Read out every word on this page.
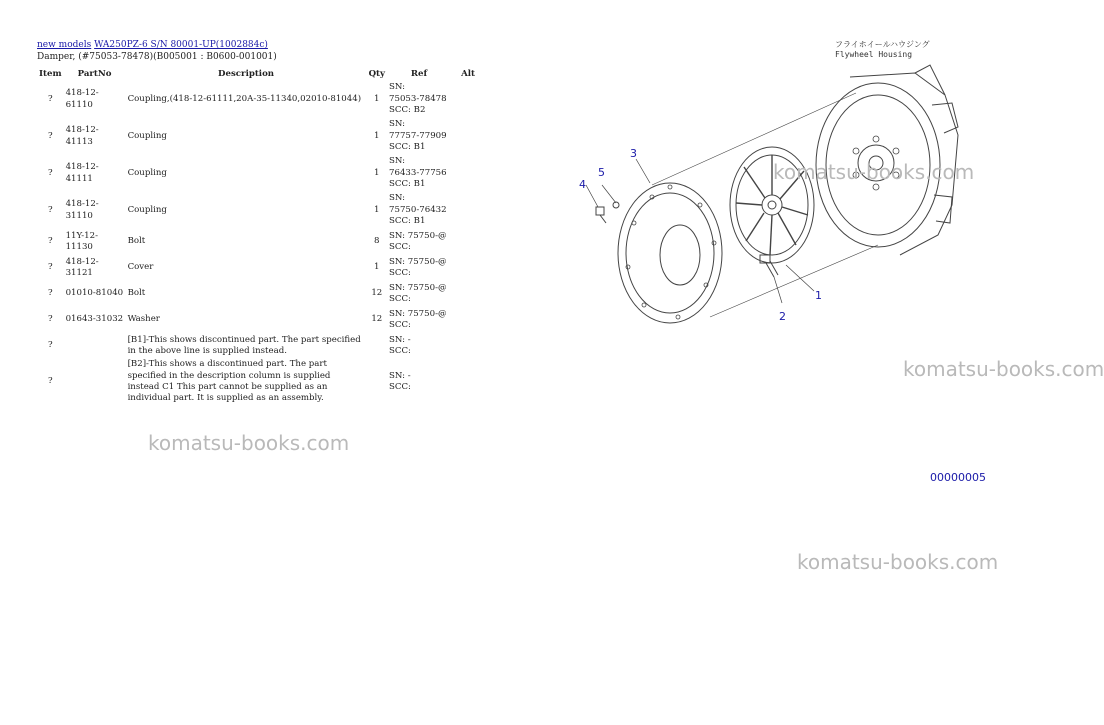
new models WA250PZ-6 S/N 80001-UP(1002884c)
Damper, (#75053-78478)(B005001 : B0600-001001)
Item	PartNo	Description	Qty	Ref	Alt
?	418-12-61110	Coupling,(418-12-61111,20A-35-11340,02010-81044)	1	SN:
75053-78478
SCC: B2	

?	418-12-41113	Coupling	1	SN:
77757-77909
SCC: B1	

?	418-12-41111	Coupling	1	SN:
76433-77756
SCC: B1	

?	418-12-31110	Coupling	1	SN:
75750-76432
SCC: B1	

?	11Y-12-11130	Bolt	8	SN: 75750-@
SCC:	

?	418-12-31121	Cover	1	SN: 75750-@
SCC:	

?	01010-81040	Bolt	12	SN: 75750-@
SCC:	

?	01643-31032	Washer	12	SN: 75750-@
SCC:	

?		[B1]-This shows discontinued part. The part specified in the above line is supplied instead.		SN: -
SCC:	

?		[B2]-This shows a discontinued part. The part specified in the description column is supplied instead C1 This part cannot be supplied as an individual part. It is supplied as an assembly.		SN: -
SCC:	

1
2
3
4
5
フライホイールハウジング
Flywheel Housing
00000005
komatsu-books.com
komatsu-books.com
komatsu-books.com
komatsu-books.com
